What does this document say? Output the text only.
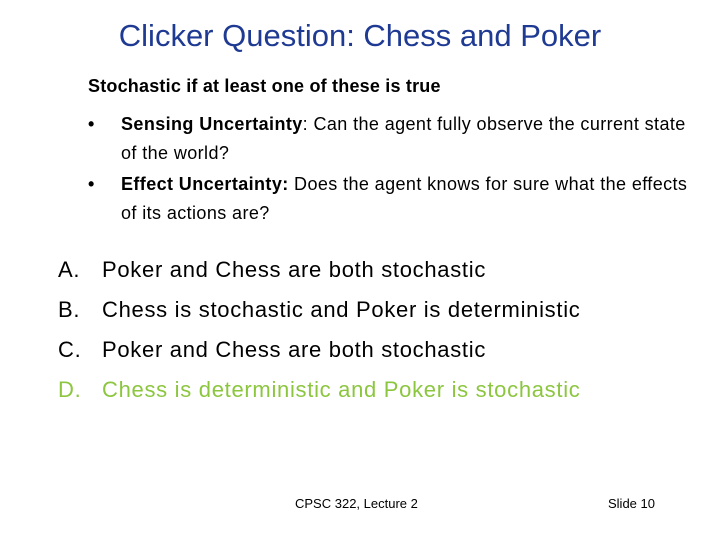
Clicker Question: Chess and Poker
Stochastic if at least one of these is true
•	Sensing Uncertainty: Can the agent fully observe the current state of the world?
•	Effect Uncertainty: Does the agent knows for sure what the effects of its actions are?
A. Poker and Chess are both stochastic
B. Chess is stochastic and Poker is deterministic
C. Poker and Chess are both stochastic
D. Chess is deterministic and Poker is stochastic
CPSC 322, Lecture 2	Slide 10
